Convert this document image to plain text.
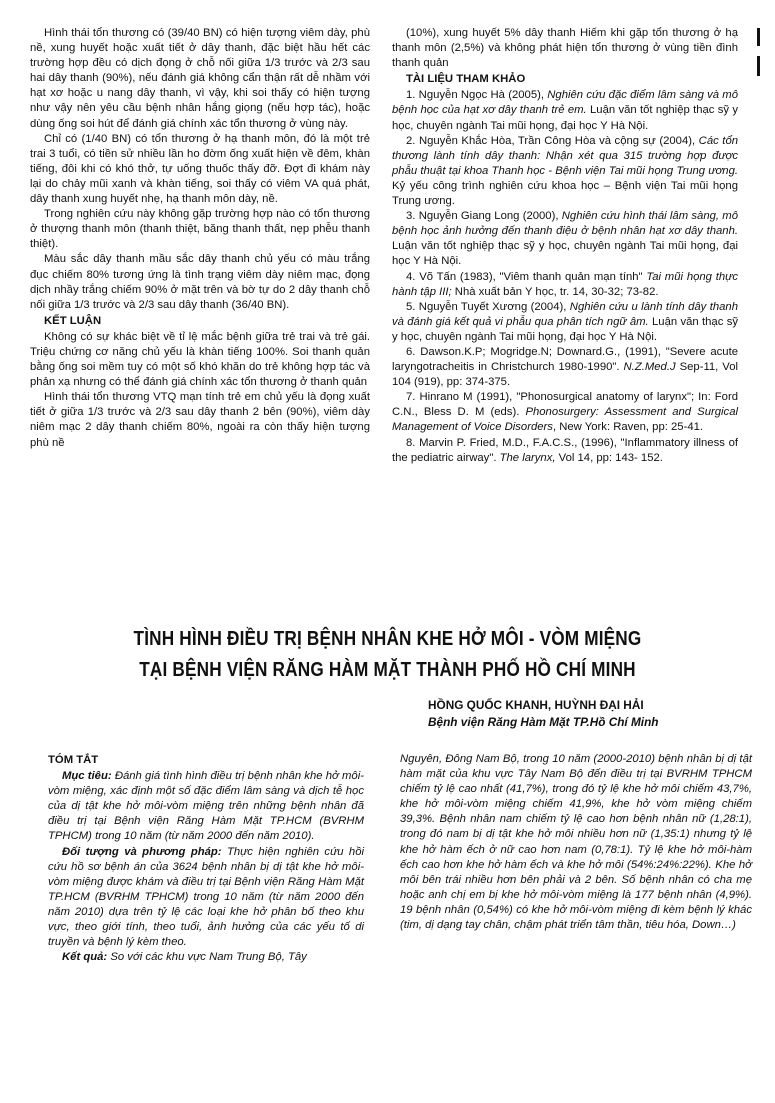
Hình thái tổn thương có (39/40 BN) có hiện tượng viêm dày, phù nề, xung huyết hoặc xuất tiết ở dây thanh, đặc biệt hầu hết các trường hợp đều có dịch đọng ở chỗ nối giữa 1/3 trước và 2/3 sau hai dây thanh (90%), nếu đánh giá không cẩn thận rất dễ nhầm với hạt xơ hoặc u nang dây thanh, vì vậy, khi soi thấy có hiện tượng như vậy nên yêu cầu bệnh nhân hắng giọng (nếu hợp tác), hoặc dùng ống soi hút để đánh giá chính xác tổn thương ở vùng này.

Chỉ có (1/40 BN) có tổn thương ở hạ thanh môn, đó là một trẻ trai 3 tuổi, có tiền sử nhiều lần ho đờm ống xuất hiện về đêm, khàn tiếng, đôi khi có khó thở, tự uống thuốc thấy đỡ. Đợt đi khám này lại do chảy mũi xanh và khàn tiếng, soi thấy có viêm VA quá phát, dây thanh xung huyết nhẹ, hạ thanh môn dày, nề.

Trong nghiên cứu này không gặp trường hợp nào có tổn thương ở thượng thanh môn (thanh thiệt, băng thanh thất, nẹp phễu thanh thiệt).

Màu sắc dây thanh mầu sắc dây thanh chủ yếu có màu trắng đục chiếm 80% tương ứng là tình trạng viêm dày niêm mạc, đọng dịch nhầy trắng chiếm 90% ở mặt trên và bờ tự do 2 dây thanh chỗ nối giữa 1/3 trước và 2/3 sau dây thanh (36/40 BN).

KẾT LUẬN

Không có sự khác biệt về tỉ lệ mắc bệnh giữa trẻ trai và trẻ gái. Triệu chứng cơ năng chủ yếu là khàn tiếng 100%. Soi thanh quản bằng ống soi mềm tuy có một số khó khăn do trẻ không hợp tác và phản xạ nhưng có thể đánh giá chính xác tổn thương ở thanh quản

Hình thái tổn thương VTQ mạn tính trẻ em chủ yếu là đọng xuất tiết ở giữa 1/3 trước và 2/3 sau dây thanh 2 bên (90%), viêm dày niêm mạc 2 dây thanh chiếm 80%, ngoài ra còn thấy hiện tượng phù nề

(10%), xung huyết 5% dây thanh Hiếm khi gặp tổn thương ở hạ thanh môn (2,5%) và không phát hiện tổn thương ở vùng tiền đình thanh quản

TÀI LIỆU THAM KHẢO

1. Nguyễn Ngọc Hà (2005), Nghiên cứu đặc điểm lâm sàng và mô bệnh học của hạt xơ dây thanh trẻ em. Luận văn tốt nghiệp thạc sỹ y học, chuyên ngành Tai mũi họng, đại học Y Hà Nội.

2. Nguyễn Khắc Hòa, Trần Công Hòa và cộng sự (2004), Các tổn thương lành tính dây thanh: Nhận xét qua 315 trường hợp được phẫu thuật tại khoa Thanh học - Bệnh viện Tai mũi họng Trung ương. Kỷ yếu công trình nghiên cứu khoa học – Bệnh viện Tai mũi họng Trung ương.

3. Nguyễn Giang Long (2000), Nghiên cứu hình thái lâm sàng, mô bệnh học ảnh hưởng đến thanh điệu ở bệnh nhân hạt xơ dây thanh. Luận văn tốt nghiệp thạc sỹ y học, chuyên ngành Tai mũi họng, đại học Y Hà Nội.

4. Võ Tấn (1983), "Viêm thanh quản mạn tính" Tai mũi họng thực hành tập III; Nhà xuất bản Y học, tr. 14, 30-32; 73-82.

5. Nguyễn Tuyết Xương (2004), Nghiên cứu u lành tính dây thanh và đánh giá kết quả vi phẫu qua phân tích ngữ âm. Luận văn thạc sỹ y học, chuyên ngành Tai mũi họng, đại học Y Hà Nội.

6. Dawson.K.P; Mogridge.N; Downard.G., (1991), "Severe acute laryngotracheitis in Christchurch 1980-1990". N.Z.Med.J Sep-11, Vol 104 (919), pp: 374-375.

7. Hinrano M (1991), "Phonosurgical anatomy of larynx"; In: Ford C.N., Bless D. M (eds). Phonosurgery: Assessment and Surgical Management of Voice Disorders, New York: Raven, pp: 25-41.

8. Marvin P. Fried, M.D., F.A.C.S., (1996), "Inflammatory illness of the pediatric airway". The larynx, Vol 14, pp: 143- 152.

TÌNH HÌNH ĐIỀU TRỊ BỆNH NHÂN KHE HỞ MÔI - VÒM MIỆNG
TẠI BỆNH VIỆN RĂNG HÀM MẶT THÀNH PHỐ HỒ CHÍ MINH
HỒNG QUỐC KHANH, HUỲNH ĐẠI HẢI
Bệnh viện Răng Hàm Mặt TP.Hồ Chí Minh
TÓM TẮT

Mục tiêu: Đánh giá tình hình điều trị bệnh nhân khe hở môi-vòm miệng, xác định một số đặc điểm lâm sàng và dịch tễ học của dị tật khe hở môi-vòm miệng trên những bệnh nhân đã điều trị tại Bệnh viện Răng Hàm Mặt TP.HCM (BVRHM TPHCM) trong 10 năm (từ năm 2000 đến năm 2010).

Đối tượng và phương pháp: Thực hiện nghiên cứu hồi cứu hồ sơ bệnh án của 3624 bệnh nhân bị dị tật khe hở môi-vòm miệng được khám và điều trị tại Bệnh viện Răng Hàm Mặt TP.HCM (BVRHM TPHCM) trong 10 năm (từ năm 2000 đến năm 2010) dựa trên tỷ lệ các loại khe hở phân bố theo khu vực, theo giới tính, theo tuổi, ảnh hưởng của các yếu tố di truyền và bệnh lý kèm theo.

Kết quả: So với các khu vực Nam Trung Bộ, Tây

Nguyên, Đông Nam Bộ, trong 10 năm (2000-2010) bệnh nhân bị dị tật hàm mặt của khu vực Tây Nam Bộ đến điều trị tại BVRHM TPHCM chiếm tỷ lệ cao nhất (41,7%), trong đó tỷ lệ khe hở môi chiếm 43,7%, khe hở môi-vòm miệng chiếm 41,9%, khe hở vòm miệng chiếm 39,3%. Bệnh nhân nam chiếm tỷ lệ cao hơn bệnh nhân nữ (1,28:1), trong đó nam bị dị tật khe hở môi nhiều hơn nữ (1,35:1) nhưng tỷ lệ khe hở hàm ếch ở nữ cao hơn nam (0,78:1). Tỷ lệ khe hở môi-hàm ếch cao hơn khe hở hàm ếch và khe hở môi (54%:24%:22%). Khe hở môi bên trái nhiều hơn bên phải và 2 bên. Số bệnh nhân có cha mẹ hoặc anh chị em bị khe hở môi-vòm miệng là 177 bệnh nhân (4,9%). 19 bệnh nhân (0,54%) có khe hở môi-vòm miệng đi kèm bệnh lý khác (tim, dị dạng tay chân, chậm phát triển tâm thần, tiêu hóa, Down…)
